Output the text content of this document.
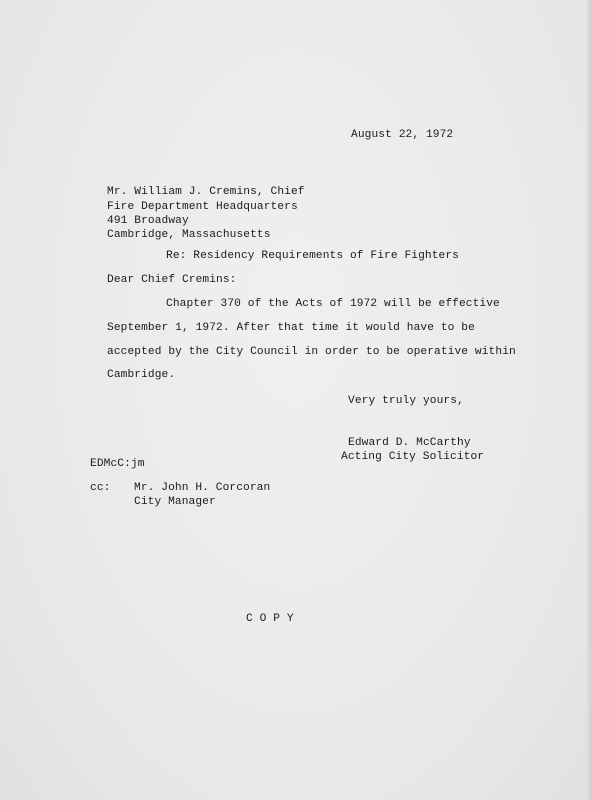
August 22, 1972
Mr. William J. Cremins, Chief
Fire Department Headquarters
491 Broadway
Cambridge, Massachusetts
Re: Residency Requirements of Fire Fighters
Dear Chief Cremins:
Chapter 370 of the Acts of 1972 will be effective
September 1, 1972. After that time it would have to be
accepted by the City Council in order to be operative within
Cambridge.
Very truly yours,
Edward D. McCarthy
Acting City Solicitor
EDMcC:jm
cc: Mr. John H. Corcoran
City Manager
C O P Y
